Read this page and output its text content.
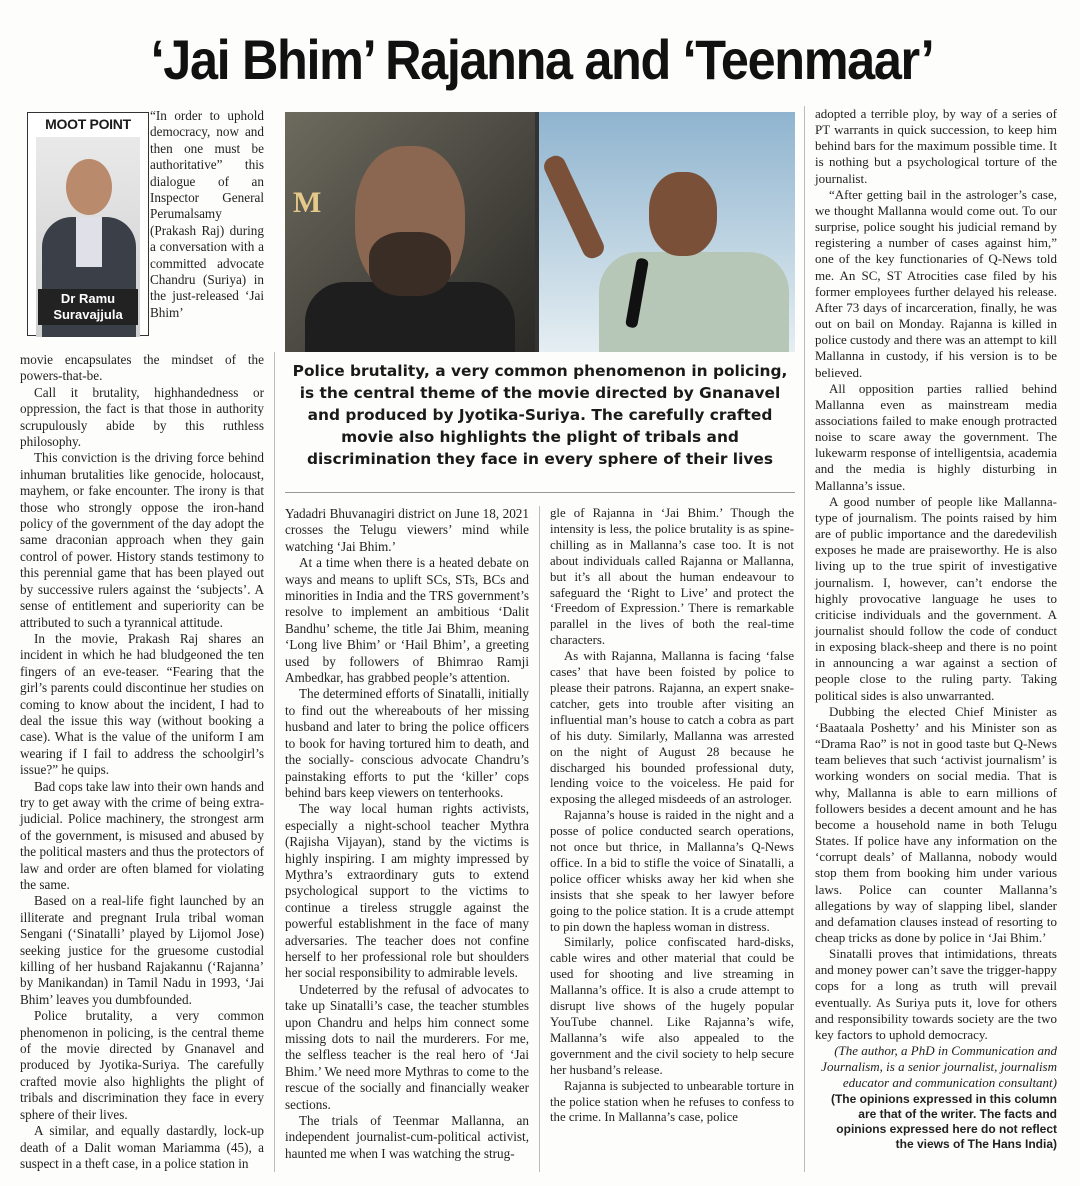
‘Jai Bhim’ Rajanna and ‘Teenmaar’
MOOT POINT
Dr Ramu Suravajjula

“In order to uphold democracy, now and then one must be authoritative” this dialogue of an Inspector General Perumalsamy (Prakash Raj) during a conversation with a committed advocate Chandru (Suriya) in the just-released ‘Jai Bhim’

M
Police brutality, a very common phenomenon in policing, is the central theme of the movie directed by Gnanavel and produced by Jyotika-Suriya. The carefully crafted movie also highlights the plight of tribals and discrimination they face in every sphere of their lives

movie encapsulates the mindset of the powers-that-be.

Call it brutality, highhandedness or oppression, the fact is that those in authority scrupulously abide by this ruthless philosophy.

This conviction is the driving force behind inhuman brutalities like genocide, holocaust, mayhem, or fake encounter. The irony is that those who strongly oppose the iron-hand policy of the government of the day adopt the same draconian approach when they gain control of power. History stands testimony to this perennial game that has been played out by successive rulers against the ‘subjects’. A sense of entitlement and superiority can be attributed to such a tyrannical attitude.

In the movie, Prakash Raj shares an incident in which he had bludgeoned the ten fingers of an eve-teaser. “Fearing that the girl’s parents could discontinue her studies on coming to know about the incident, I had to deal the issue this way (without booking a case). What is the value of the uniform I am wearing if I fail to address the schoolgirl’s issue?” he quips.

Bad cops take law into their own hands and try to get away with the crime of being extra-judicial. Police machinery, the strongest arm of the government, is misused and abused by the political masters and thus the protectors of law and order are often blamed for violating the same.

Based on a real-life fight launched by an illiterate and pregnant Irula tribal woman Sengani (‘Sinatalli’ played by Lijomol Jose) seeking justice for the gruesome custodial killing of her husband Rajakannu (‘Rajanna’ by Manikandan) in Tamil Nadu in 1993, ‘Jai Bhim’ leaves you dumbfounded.

Police brutality, a very common phenomenon in policing, is the central theme of the movie directed by Gnanavel and produced by Jyotika-Suriya. The carefully crafted movie also highlights the plight of tribals and discrimination they face in every sphere of their lives.

A similar, and equally dastardly, lock-up death of a Dalit woman Mariamma (45), a suspect in a theft case, in a police station in

Yadadri Bhuvanagiri district on June 18, 2021 crosses the Telugu viewers’ mind while watching ‘Jai Bhim.’

At a time when there is a heated debate on ways and means to uplift SCs, STs, BCs and minorities in India and the TRS government’s resolve to implement an ambitious ‘Dalit Bandhu’ scheme, the title Jai Bhim, meaning ‘Long live Bhim’ or ‘Hail Bhim’, a greeting used by followers of Bhimrao Ramji Ambedkar, has grabbed people’s attention.

The determined efforts of Sinatalli, initially to find out the whereabouts of her missing husband and later to bring the police officers to book for having tortured him to death, and the socially- conscious advocate Chandru’s painstaking efforts to put the ‘killer’ cops behind bars keep viewers on tenterhooks.

The way local human rights activists, especially a night-school teacher Mythra (Rajisha Vijayan), stand by the victims is highly inspiring. I am mighty impressed by Mythra’s extraordinary guts to extend psychological support to the victims to continue a tireless struggle against the powerful establishment in the face of many adversaries. The teacher does not confine herself to her professional role but shoulders her social responsibility to admirable levels.

Undeterred by the refusal of advocates to take up Sinatalli’s case, the teacher stumbles upon Chandru and helps him connect some missing dots to nail the murderers. For me, the selfless teacher is the real hero of ‘Jai Bhim.’ We need more Mythras to come to the rescue of the socially and financially weaker sections.

The trials of Teenmar Mallanna, an independent journalist-cum-political activist, haunted me when I was watching the strug-

gle of Rajanna in ‘Jai Bhim.’ Though the intensity is less, the police brutality is as spine-chilling as in Mallanna’s case too. It is not about individuals called Rajanna or Mallanna, but it’s all about the human endeavour to safeguard the ‘Right to Live’ and protect the ‘Freedom of Expression.’ There is remarkable parallel in the lives of both the real-time characters.

As with Rajanna, Mallanna is facing ‘false cases’ that have been foisted by police to please their patrons. Rajanna, an expert snake-catcher, gets into trouble after visiting an influential man’s house to catch a cobra as part of his duty. Similarly, Mallanna was arrested on the night of August 28 because he discharged his bounded professional duty, lending voice to the voiceless. He paid for exposing the alleged misdeeds of an astrologer.

Rajanna’s house is raided in the night and a posse of police conducted search operations, not once but thrice, in Mallanna’s Q-News office. In a bid to stifle the voice of Sinatalli, a police officer whisks away her kid when she insists that she speak to her lawyer before going to the police station. It is a crude attempt to pin down the hapless woman in distress.

Similarly, police confiscated hard-disks, cable wires and other material that could be used for shooting and live streaming in Mallanna’s office. It is also a crude attempt to disrupt live shows of the hugely popular YouTube channel. Like Rajanna’s wife, Mallanna’s wife also appealed to the government and the civil society to help secure her husband’s release.

Rajanna is subjected to unbearable torture in the police station when he refuses to confess to the crime. In Mallanna’s case, police

adopted a terrible ploy, by way of a series of PT warrants in quick succession, to keep him behind bars for the maximum possible time. It is nothing but a psychological torture of the journalist.

“After getting bail in the astrologer’s case, we thought Mallanna would come out. To our surprise, police sought his judicial remand by registering a number of cases against him,” one of the key functionaries of Q-News told me. An SC, ST Atrocities case filed by his former employees further delayed his release. After 73 days of incarceration, finally, he was out on bail on Monday. Rajanna is killed in police custody and there was an attempt to kill Mallanna in custody, if his version is to be believed.

All opposition parties rallied behind Mallanna even as mainstream media associations failed to make enough protracted noise to scare away the government. The lukewarm response of intelligentsia, academia and the media is highly disturbing in Mallanna’s issue.

A good number of people like Mallanna-type of journalism. The points raised by him are of public importance and the daredevilish exposes he made are praiseworthy. He is also living up to the true spirit of investigative journalism. I, however, can’t endorse the highly provocative language he uses to criticise individuals and the government. A journalist should follow the code of conduct in exposing black-sheep and there is no point in announcing a war against a section of people close to the ruling party. Taking political sides is also unwarranted.

Dubbing the elected Chief Minister as ‘Baataala Poshetty’ and his Minister son as “Drama Rao” is not in good taste but Q-News team believes that such ‘activist journalism’ is working wonders on social media. That is why, Mallanna is able to earn millions of followers besides a decent amount and he has become a household name in both Telugu States. If police have any information on the ‘corrupt deals’ of Mallanna, nobody would stop them from booking him under various laws. Police can counter Mallanna’s allegations by way of slapping libel, slander and defamation clauses instead of resorting to cheap tricks as done by police in ‘Jai Bhim.’

Sinatalli proves that intimidations, threats and money power can’t save the trigger-happy cops for a long as truth will prevail eventually. As Suriya puts it, love for others and responsibility towards society are the two key factors to uphold democracy.

(The author, a PhD in Communication and Journalism, is a senior journalist, journalism educator and communication consultant)

(The opinions expressed in this column are that of the writer. The facts and opinions expressed here do not reflect the views of The Hans India)
